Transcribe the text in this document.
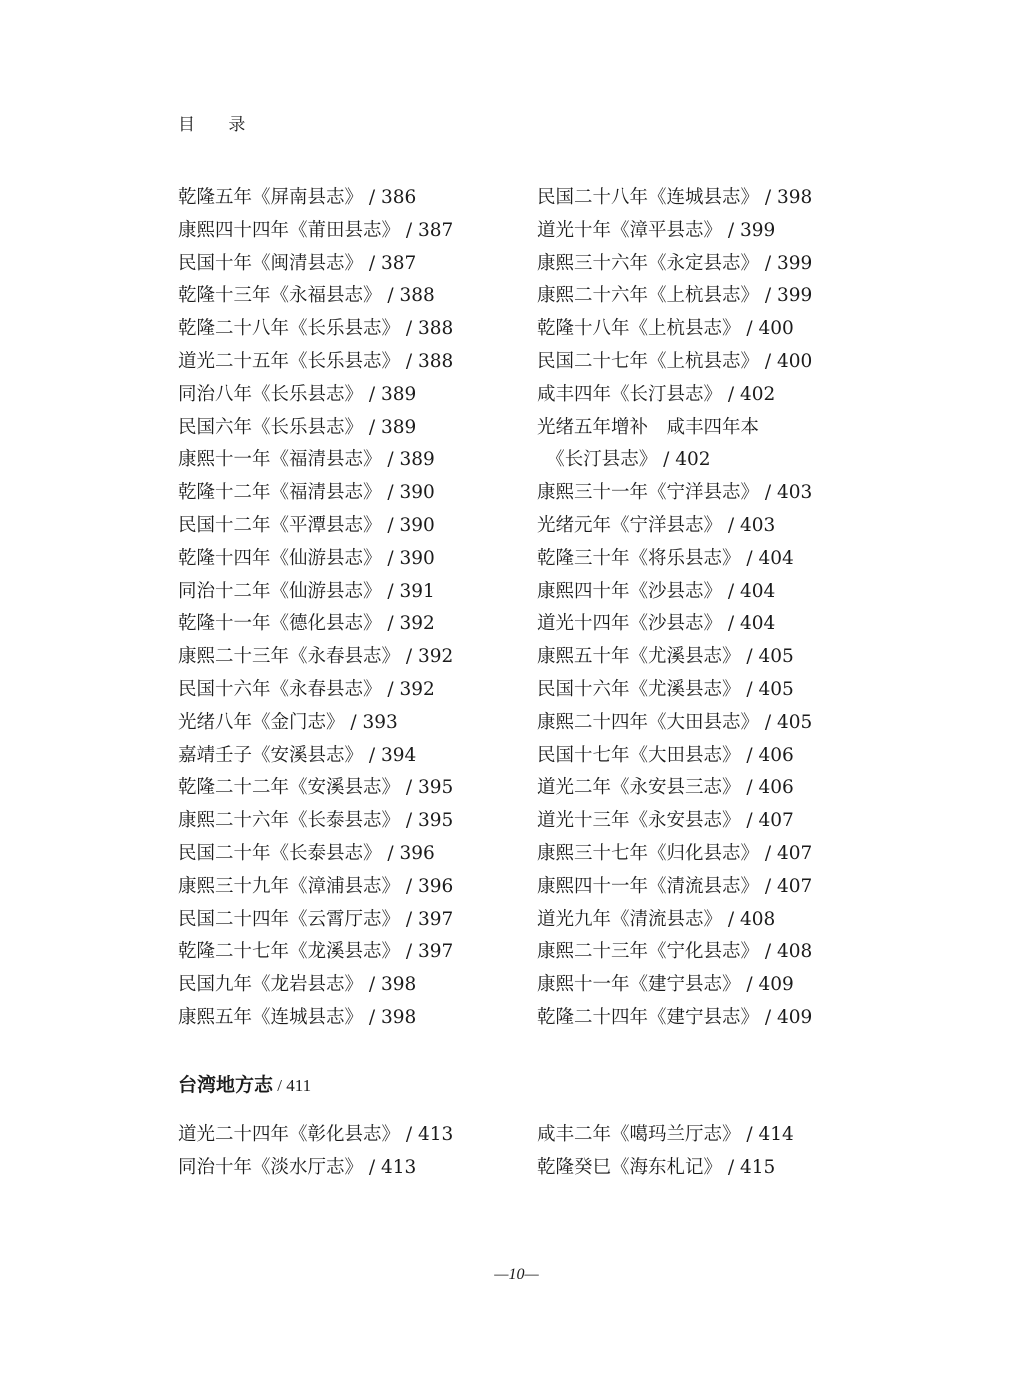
目 录
乾隆五年《屏南县志》 / 386
康熙四十四年《莆田县志》 / 387
民国十年《闽清县志》 / 387
乾隆十三年《永福县志》 / 388
乾隆二十八年《长乐县志》 / 388
道光二十五年《长乐县志》 / 388
同治八年《长乐县志》 / 389
民国六年《长乐县志》 / 389
康熙十一年《福清县志》 / 389
乾隆十二年《福清县志》 / 390
民国十二年《平潭县志》 / 390
乾隆十四年《仙游县志》 / 390
同治十二年《仙游县志》 / 391
乾隆十一年《德化县志》 / 392
康熙二十三年《永春县志》 / 392
民国十六年《永春县志》 / 392
光绪八年《金门志》 / 393
嘉靖壬子《安溪县志》 / 394
乾隆二十二年《安溪县志》 / 395
康熙二十六年《长泰县志》 / 395
民国二十年《长泰县志》 / 396
康熙三十九年《漳浦县志》 / 396
民国二十四年《云霄厅志》 / 397
乾隆二十七年《龙溪县志》 / 397
民国九年《龙岩县志》 / 398
康熙五年《连城县志》 / 398
民国二十八年《连城县志》 / 398
道光十年《漳平县志》 / 399
康熙三十六年《永定县志》 / 399
康熙二十六年《上杭县志》 / 399
乾隆十八年《上杭县志》 / 400
民国二十七年《上杭县志》 / 400
咸丰四年《长汀县志》 / 402
光绪五年增补　咸丰四年本
　《长汀县志》 / 402
康熙三十一年《宁洋县志》 / 403
光绪元年《宁洋县志》 / 403
乾隆三十年《将乐县志》 / 404
康熙四十年《沙县志》 / 404
道光十四年《沙县志》 / 404
康熙五十年《尤溪县志》 / 405
民国十六年《尤溪县志》 / 405
康熙二十四年《大田县志》 / 405
民国十七年《大田县志》 / 406
道光二年《永安县三志》 / 406
道光十三年《永安县志》 / 407
康熙三十七年《归化县志》 / 407
康熙四十一年《清流县志》 / 407
道光九年《清流县志》 / 408
康熙二十三年《宁化县志》 / 408
康熙十一年《建宁县志》 / 409
乾隆二十四年《建宁县志》 / 409
台湾地方志 / 411
道光二十四年《彰化县志》 / 413
同治十年《淡水厅志》 / 413
咸丰二年《噶玛兰厅志》 / 414
乾隆癸巳《海东札记》 / 415
—10—
